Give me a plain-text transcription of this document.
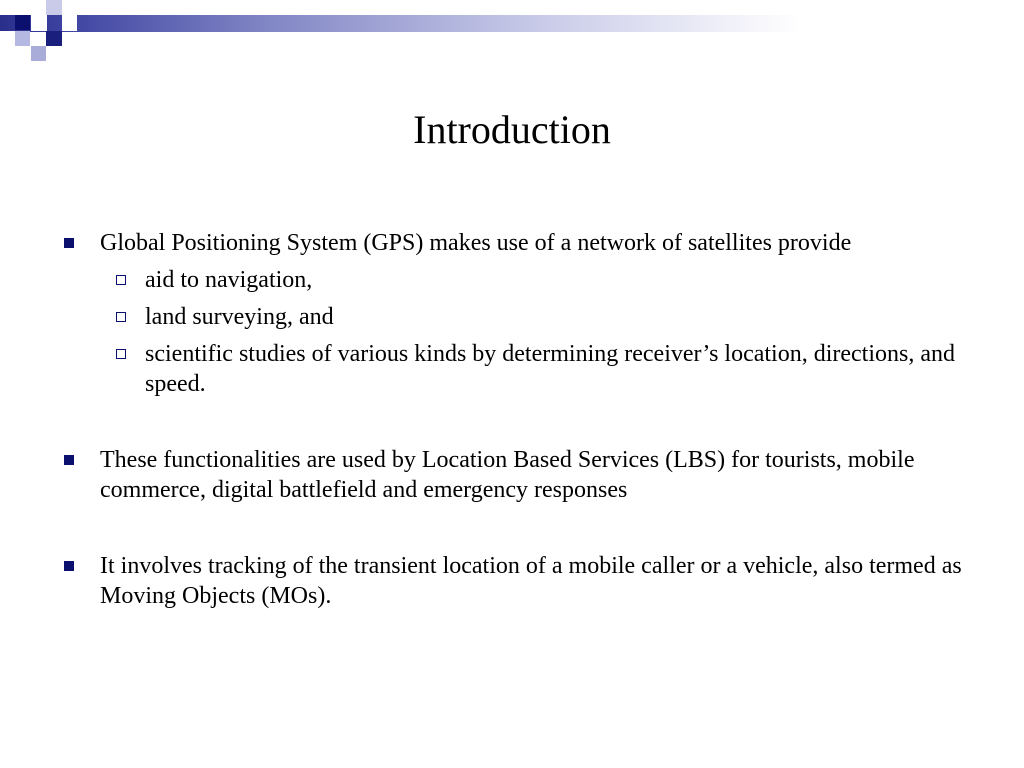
Introduction
Global Positioning System (GPS) makes use of a network of satellites provide
aid to navigation,
land surveying, and
scientific studies of various kinds by determining receiver’s location, directions, and speed.
These functionalities are used by Location Based Services (LBS) for tourists, mobile commerce, digital battlefield and emergency responses
It involves tracking of the transient location of a mobile caller or a vehicle, also termed as Moving Objects (MOs).
